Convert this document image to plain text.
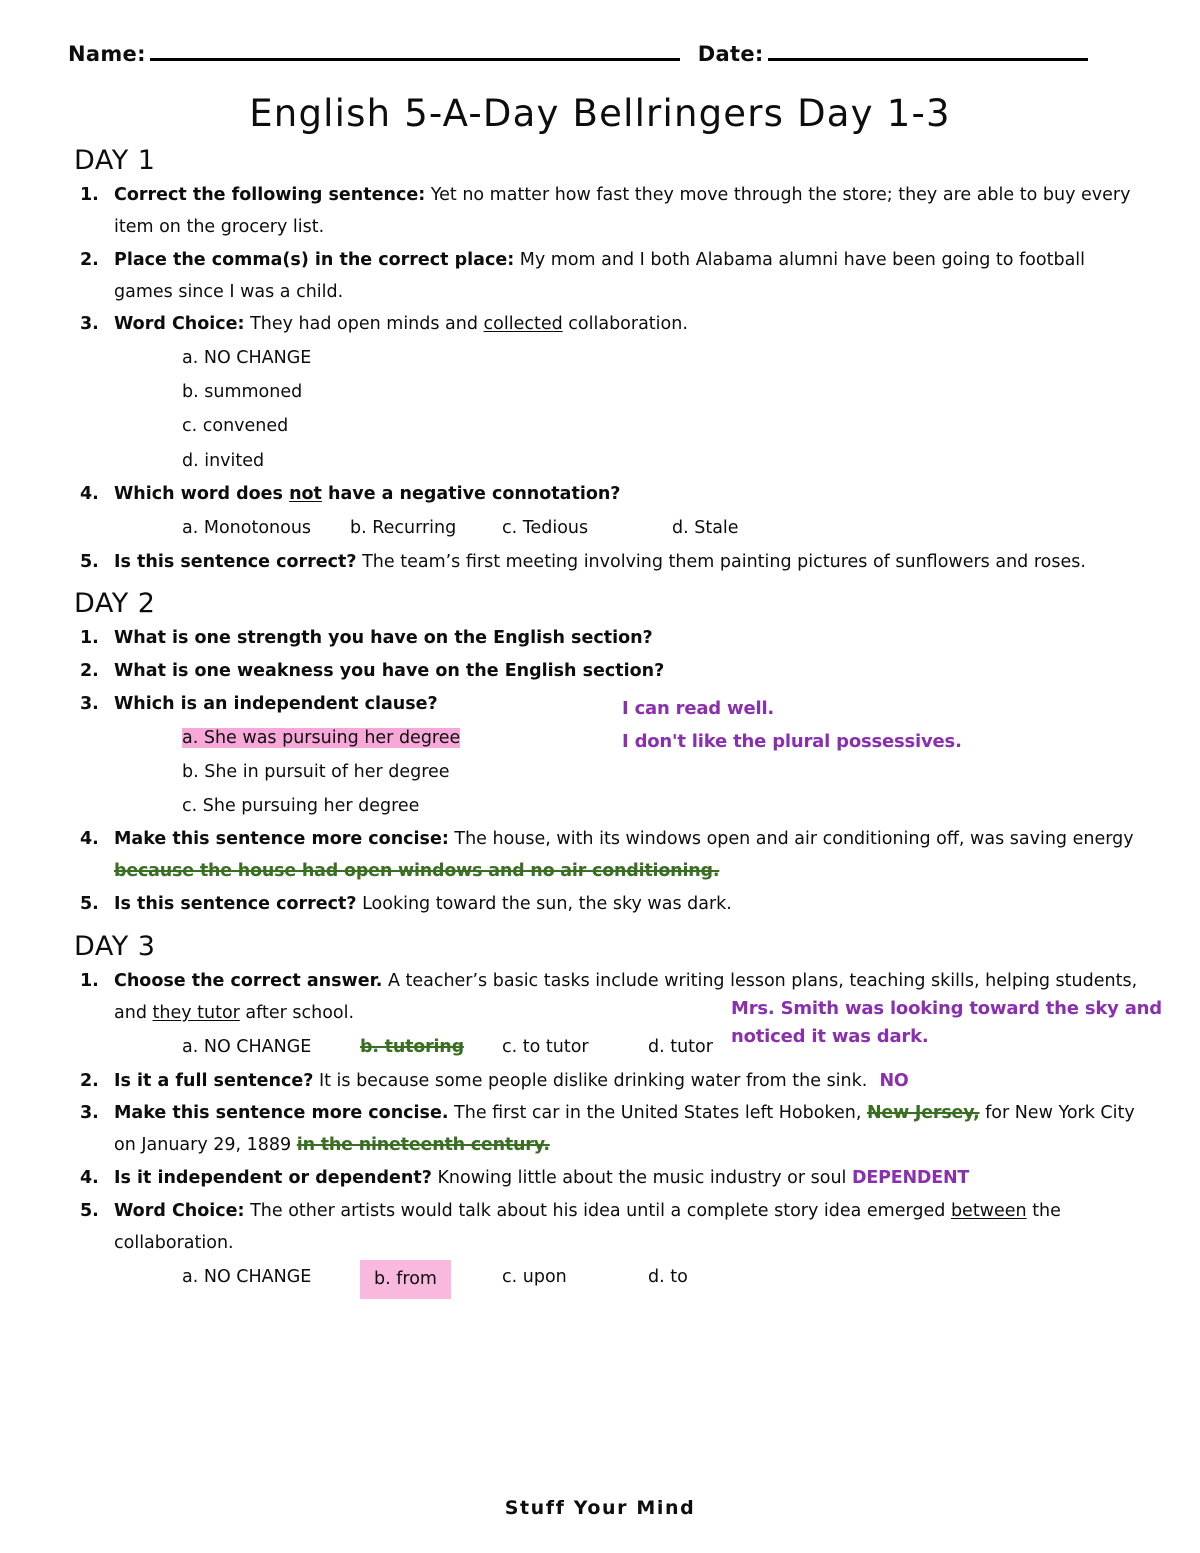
Name:	Date:
English 5-A-Day Bellringers Day 1-3
DAY 1
1. Correct the following sentence: Yet no matter how fast they move through the store; they are able to buy every item on the grocery list.
2. Place the comma(s) in the correct place: My mom and I both Alabama alumni have been going to football games since I was a child.
3. Word Choice: They had open minds and collected collaboration.
a. NO CHANGE
b. summoned
c. convened
d. invited
4. Which word does not have a negative connotation?
a. Monotonous	b. Recurring	c. Tedious	d. Stale
5. Is this sentence correct? The team’s first meeting involving them painting pictures of sunflowers and roses.
DAY 2
1. What is one strength you have on the English section?
2. What is one weakness you have on the English section?
3. Which is an independent clause?
a. She was pursuing her degree
b. She in pursuit of her degree
c. She pursuing her degree
4. Make this sentence more concise: The house, with its windows open and air conditioning off, was saving energy because the house had open windows and no air conditioning.
5. Is this sentence correct? Looking toward the sun, the sky was dark.
DAY 3
1. Choose the correct answer. A teacher’s basic tasks include writing lesson plans, teaching skills, helping students, and they tutor after school.
a. NO CHANGE	b. tutoring	c. to tutor	d. tutor
2. Is it a full sentence? It is because some people dislike drinking water from the sink. NO
3. Make this sentence more concise. The first car in the United States left Hoboken, New Jersey, for New York City on January 29, 1889 in the nineteenth century.
4. Is it independent or dependent? Knowing little about the music industry or soul DEPENDENT
5. Word Choice: The other artists would talk about his idea until a complete story idea emerged between the collaboration.
a. NO CHANGE	b. from	c. upon	d. to
I can read well.
I don't like the plural possessives.
Mrs. Smith was looking toward the sky and noticed it was dark.
Stuff Your Mind
